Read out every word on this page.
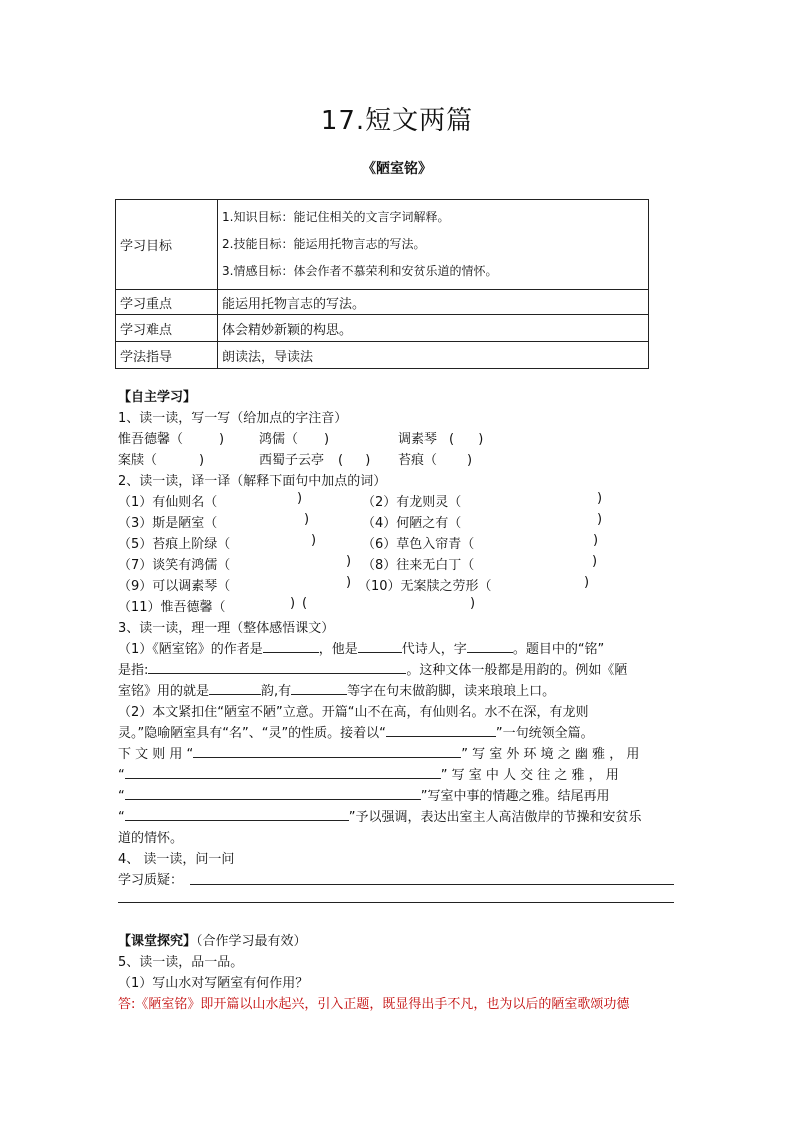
17.短文两篇
《陋室铭》
学习目标	1.知识目标：能记住相关的文言字词解释。
2.技能目标：能运用托物言志的写法。
3.情感目标：体会作者不慕荣利和安贫乐道的情怀。

学习重点	能运用托物言志的写法。
学习难点	体会精妙新颖的构思。
学法指导	朗读法，导读法
【自主学习】
1、读一读，写一写（给加点的字注音）
惟吾德馨（	)	鸿儒（ )	调素琴 ( )
案牍（	)	西蜀子云亭 ( ) 苔痕（ )
2、读一读，译一译（解释下面句中加点的词）
（1）有仙则名（	)	（2）有龙则灵（	)
（3）斯是陋室（	)	（4）何陋之有（	)
（5）苔痕上阶绿（	)	（6）草色入帘青（	)
（7）谈笑有鸿儒（	) （8）往来无白丁（	)
（9）可以调素琴（	) （10）无案牍之劳形（	)
（11）惟吾德馨（	) (	)
3、读一读，理一理（整体感悟课文）
（1）《陋室铭》的作者是	，他是	代诗人，字	。题目中的“铭”
是指:	。这种文体一般都是用韵的。例如《陋
室铭》用的就是	韵,有	等字在句末做韵脚，读来琅琅上口。
（2）本文紧扣住“陋室不陋”立意。开篇“山不在高，有仙则名。水不在深，有龙则
灵。”隐喻陋室具有“名”、“灵”的性质。接着以“	”一句统领全篇。
下 文 则 用 “	” 写 室 外 环 境 之 幽 雅 ， 用
“	” 写 室 中 人 交 往 之 雅 ， 用
“	”写室中事的情趣之雅。结尾再用
“	”予以强调，表达出室主人高洁傲岸的节操和安贫乐
道的情怀。
4、 读一读，问一问
学习质疑：
【课堂探究】（合作学习最有效）
5、读一读，品一品。
（1）写山水对写陋室有何作用？
答:《陋室铭》即开篇以山水起兴，引入正题，既显得出手不凡，也为以后的陋室歌颂功德
